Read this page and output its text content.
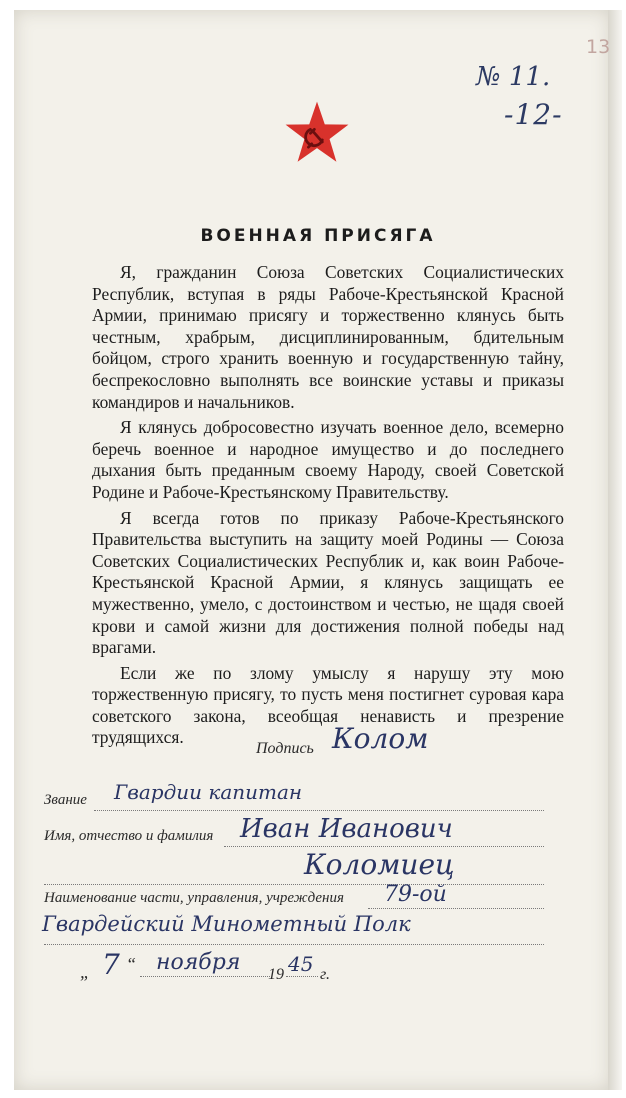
13
№ 11.
-12-
ВОЕННАЯ ПРИСЯГА

Я, гражданин Союза Советских Социалистических Республик, вступая в ряды Рабоче-Крестьянской Красной Армии, принимаю присягу и торжественно клянусь быть честным, храбрым, дисциплинированным, бдительным бойцом, строго хранить военную и государственную тайну, беспрекословно выполнять все воинские уставы и приказы командиров и начальников.

Я клянусь добросовестно изучать военное дело, всемерно беречь военное и народное имущество и до последнего дыхания быть преданным своему Народу, своей Советской Родине и Рабоче-Крестьянскому Правительству.

Я всегда готов по приказу Рабоче-Крестьянского Правительства выступить на защиту моей Родины — Союза Советских Социалистических Республик и, как воин Рабоче-Крестьянской Красной Армии, я клянусь защищать ее мужественно, умело, с достоинством и честью, не щадя своей крови и самой жизни для достижения полной победы над врагами.

Если же по злому умыслу я нарушу эту мою торжественную присягу, то пусть меня постигнет суровая кара советского закона, всеобщая ненависть и презрение трудящихся.

Подпись Колом
Звание Гвардии капитан
Имя, отчество и фамилия Иван Иванович
Коломиец
Наименование части, управления, учреждения 79-ой
Гвардейский Минометный Полк
„ 7 “ ноября 19 45 г.
